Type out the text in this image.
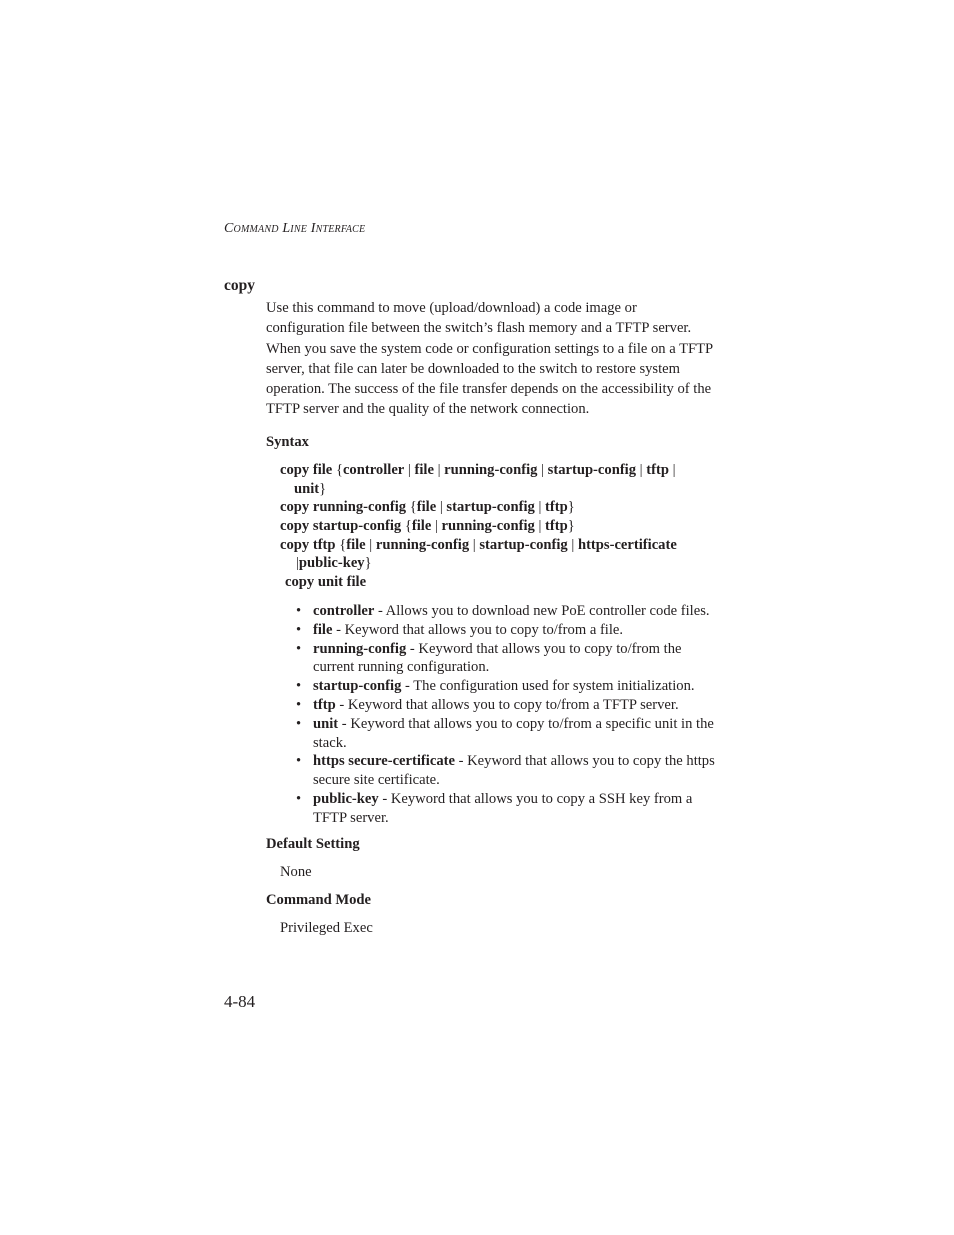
Command Line Interface
copy
Use this command to move (upload/download) a code image or
configuration file between the switch’s flash memory and a TFTP server.
When you save the system code or configuration settings to a file on a TFTP
server, that file can later be downloaded to the switch to restore system
operation. The success of the file transfer depends on the accessibility of the
TFTP server and the quality of the network connection.
Syntax
copy file {controller | file | running-config | startup-config | tftp |
unit}
copy running-config {file | startup-config | tftp}
copy startup-config {file | running-config | tftp}
copy tftp {file | running-config | startup-config | https-certificate
|public-key}
copy unit file
• controller - Allows you to download new PoE controller code files.
• file - Keyword that allows you to copy to/from a file.
• running-config - Keyword that allows you to copy to/from the
current running configuration.
• startup-config - The configuration used for system initialization.
• tftp - Keyword that allows you to copy to/from a TFTP server.
• unit - Keyword that allows you to copy to/from a specific unit in the
stack.
• https secure-certificate - Keyword that allows you to copy the https
secure site certificate.
• public-key - Keyword that allows you to copy a SSH key from a
TFTP server.
Default Setting
None
Command Mode
Privileged Exec
4-84
